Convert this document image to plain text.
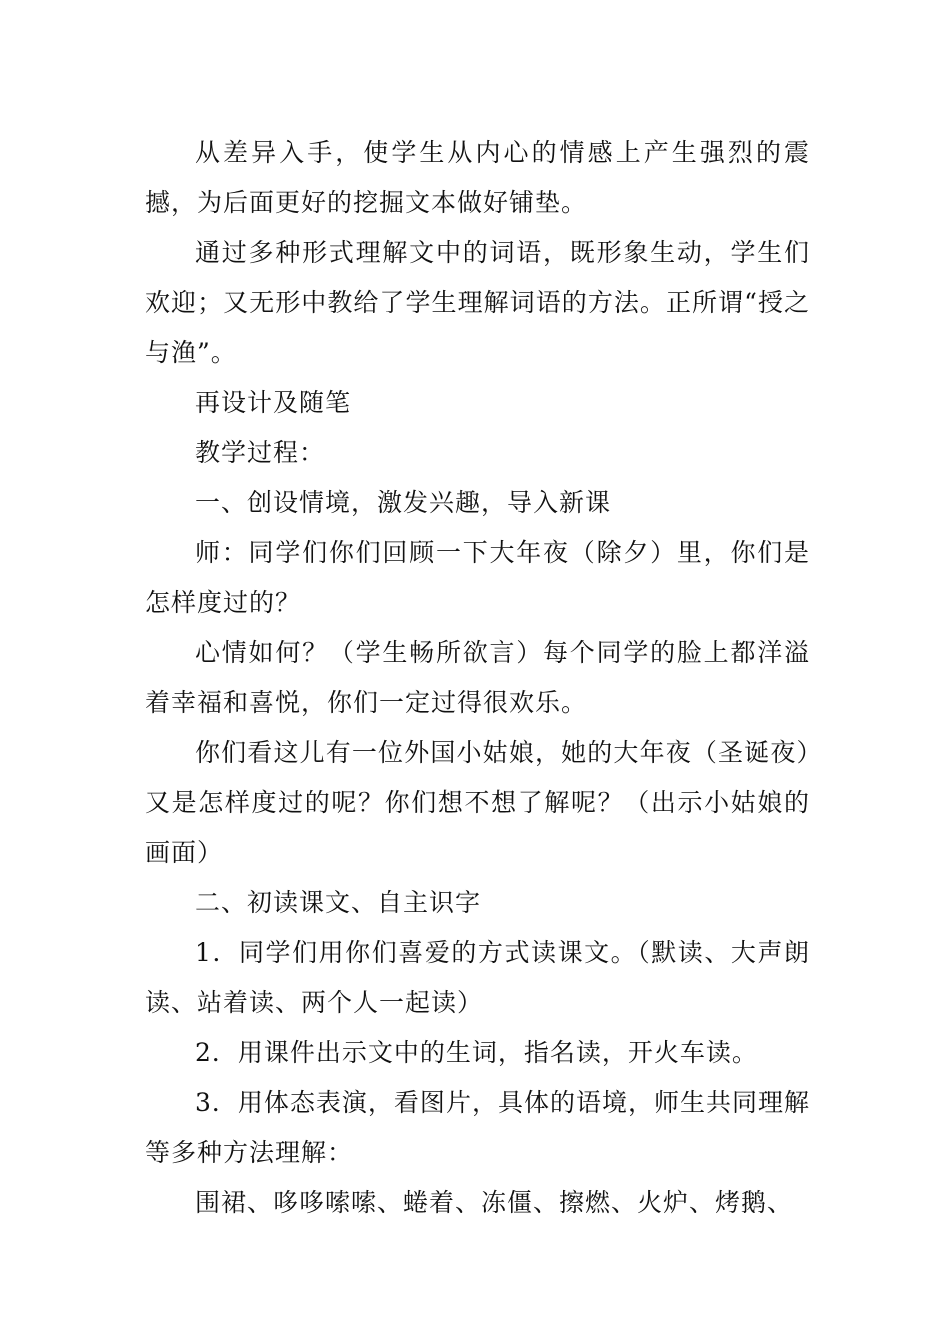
从差异入手，使学生从内心的情感上产生强烈的震撼，为后面更好的挖掘文本做好铺垫。

通过多种形式理解文中的词语，既形象生动，学生们欢迎；又无形中教给了学生理解词语的方法。正所谓“授之与渔”。

再设计及随笔

教学过程：

一、创设情境，激发兴趣，导入新课

师：同学们你们回顾一下大年夜（除夕）里，你们是怎样度过的？

心情如何？（学生畅所欲言）每个同学的脸上都洋溢着幸福和喜悦，你们一定过得很欢乐。

你们看这儿有一位外国小姑娘，她的大年夜（圣诞夜）又是怎样度过的呢？你们想不想了解呢？（出示小姑娘的画面）

二、初读课文、自主识字

1．同学们用你们喜爱的方式读课文。（默读、大声朗读、站着读、两个人一起读）

2．用课件出示文中的生词，指名读，开火车读。

3．用体态表演，看图片，具体的语境，师生共同理解等多种方法理解：

围裙、哆哆嗦嗦、蜷着、冻僵、擦燃、火炉、烤鹅、
